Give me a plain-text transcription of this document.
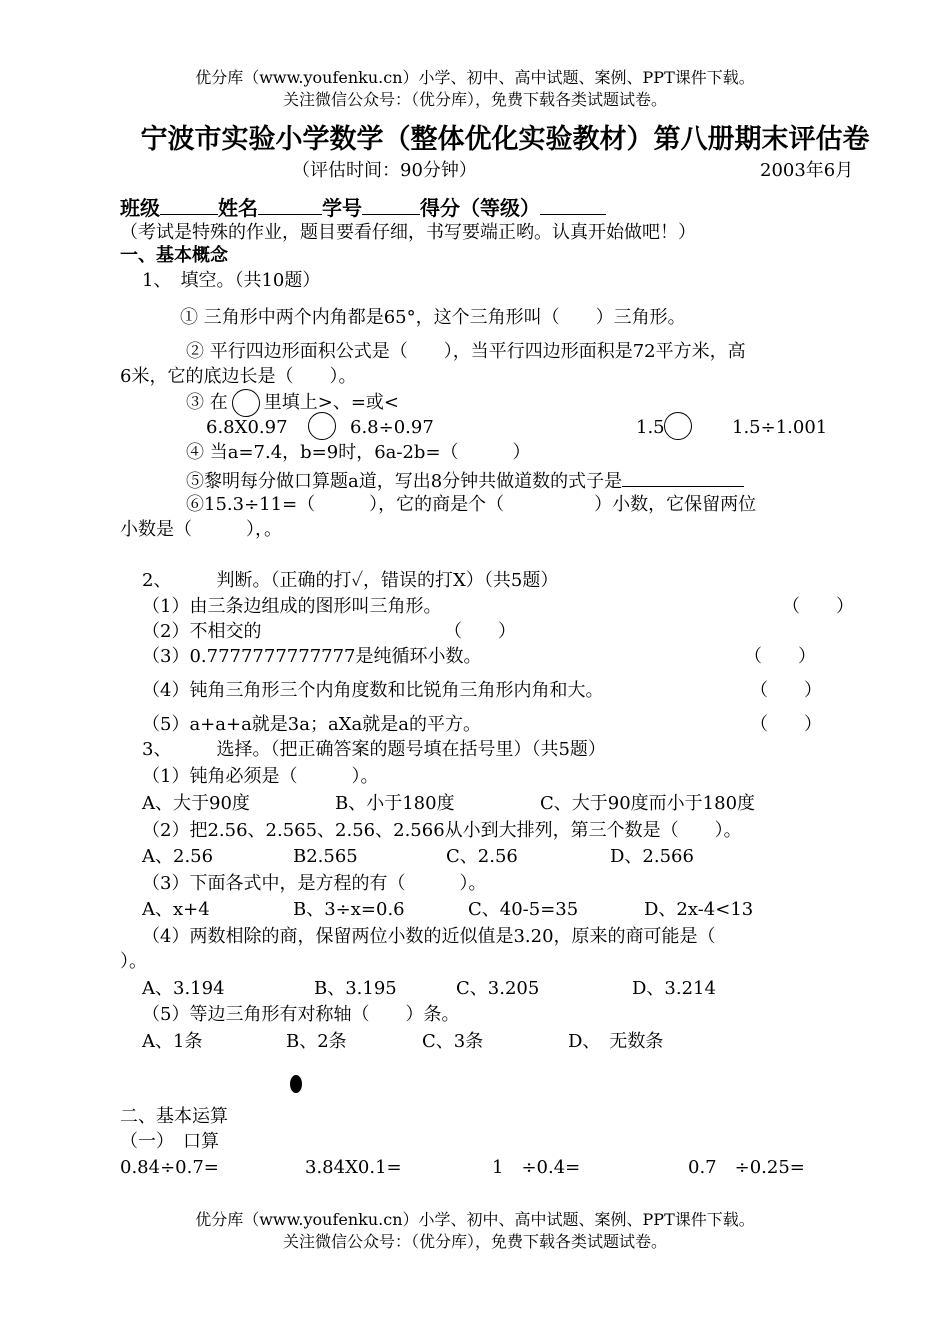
优分库（www.youfenku.cn）小学、初中、高中试题、案例、PPT课件下载。
关注微信公众号：（优分库），免费下载各类试题试卷。
宁波市实验小学数学（整体优化实验教材）第八册期末评估卷
（评估时间：90分钟）	2003年6月
班级	姓名	学号	得分（等级）
（考试是特殊的作业，题目要看仔细，书写要端正哟。认真开始做吧！）
一、基本概念
1、　填空。（共10题）
① 三角形中两个内角都是65°，这个三角形叫（　　）三角形。
② 平行四边形面积公式是（　　），当平行四边形面积是72平方米，高
6米，它的底边长是（　　）。
③ 在 里填上>、=或<
6.8X0.97	6.8÷0.97	1.5	1.5÷1.001
④ 当a=7.4，b=9时，6a-2b=（　　　）
⑤黎明每分做口算题a道，写出8分钟共做道数的式子是
⑥15.3÷11=（　　　），它的商是个（　　　　　）小数，它保留两位
小数是（　　　），。
2、　　　判断。（正确的打✓，错误的打X）（共5题）
（1）由三条边组成的图形叫三角形。	（　　）
（2）不相交的	（　　）
（3）0.7777777777777是纯循环小数。	（　　）
（4）钝角三角形三个内角度数和比锐角三角形内角和大。	（　　）
（5）a+a+a就是3a；aXa就是a的平方。	（　　）
3、　　　选择。（把正确答案的题号填在括号里）（共5题）
（1）钝角必须是（　　　）。
A、大于90度	B、小于180度	C、大于90度而小于180度
（2）把2.56、2.565、2.56、2.566从小到大排列，第三个数是（　　）。
A、2.56	B2.565	C、2.56	D、2.566
（3）下面各式中，是方程的有（　　　）。
A、x+4	B、3÷x=0.6	C、40-5=35	D、2x-4<13
（4）两数相除的商，保留两位小数的近似值是3.20，原来的商可能是（
）。
A、3.194	B、3.195	C、3.205	D、3.214
（5）等边三角形有对称轴（　　）条。
A、1条	B、2条	C、3条	D、　无数条
二、基本运算
（一）　口算
0.84÷0.7=	3.84X0.1=	1　÷0.4=	0.7　÷0.25=
优分库（www.youfenku.cn）小学、初中、高中试题、案例、PPT课件下载。
关注微信公众号：（优分库），免费下载各类试题试卷。
